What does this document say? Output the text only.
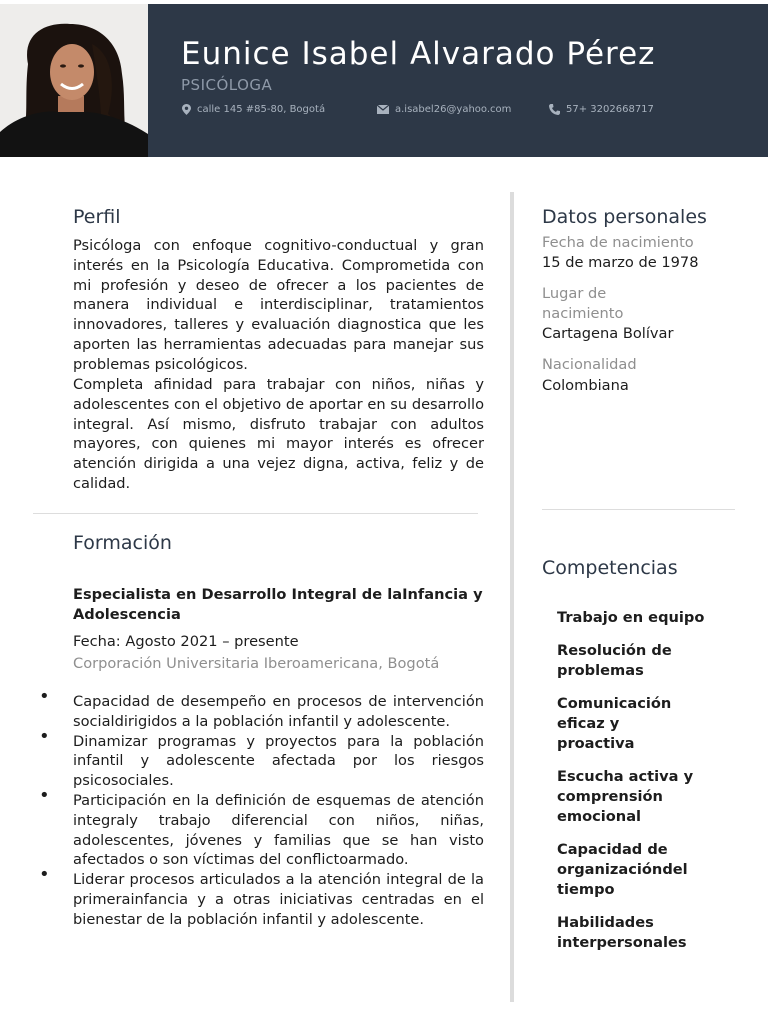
Eunice Isabel Alvarado Pérez
PSICÓLOGA
calle 145 #85-80, Bogotá	a.isabel26@yahoo.com	57+ 3202668717
Perfil

Psicóloga con enfoque cognitivo-conductual y gran interés en la Psicología Educativa. Comprometida con mi profesión y deseo de ofrecer a los pacientes de manera individual e interdisciplinar, tratamientos innovadores, talleres y evaluación diagnostica que les aporten las herramientas adecuadas para manejar sus problemas psicológicos.

Completa afinidad para trabajar con niños, niñas y adolescentes con el objetivo de aportar en su desarrollo integral. Así mismo, disfruto trabajar con adultos mayores, con quienes mi mayor interés es ofrecer atención dirigida a una vejez digna, activa, feliz y de calidad.

Formación
Especialista en Desarrollo Integral de laInfancia y Adolescencia
Fecha: Agosto 2021 – presente
Corporación Universitaria Iberoamericana, Bogotá
• Capacidad de desempeño en procesos de intervención socialdirigidos a la población infantil y adolescente.
• Dinamizar programas y proyectos para la población infantil y adolescente afectada por los riesgos psicosociales.
• Participación en la definición de esquemas de atención integraly trabajo diferencial con niños, niñas, adolescentes, jóvenes y familias que se han visto afectados o son víctimas del conflictoarmado.
• Liderar procesos articulados a la atención integral de la primerainfancia y a otras iniciativas centradas en el bienestar de la población infantil y adolescente.
Datos personales
Fecha de nacimiento
15 de marzo de 1978
Lugar de
nacimiento
Cartagena Bolívar
Nacionalidad
Colombiana
Competencias
Trabajo en equipo
Resolución de problemas
Comunicación
eficaz y
proactiva
Escucha activa y
comprensión
emocional
Capacidad de
organizacióndel
tiempo
Habilidades
interpersonales
